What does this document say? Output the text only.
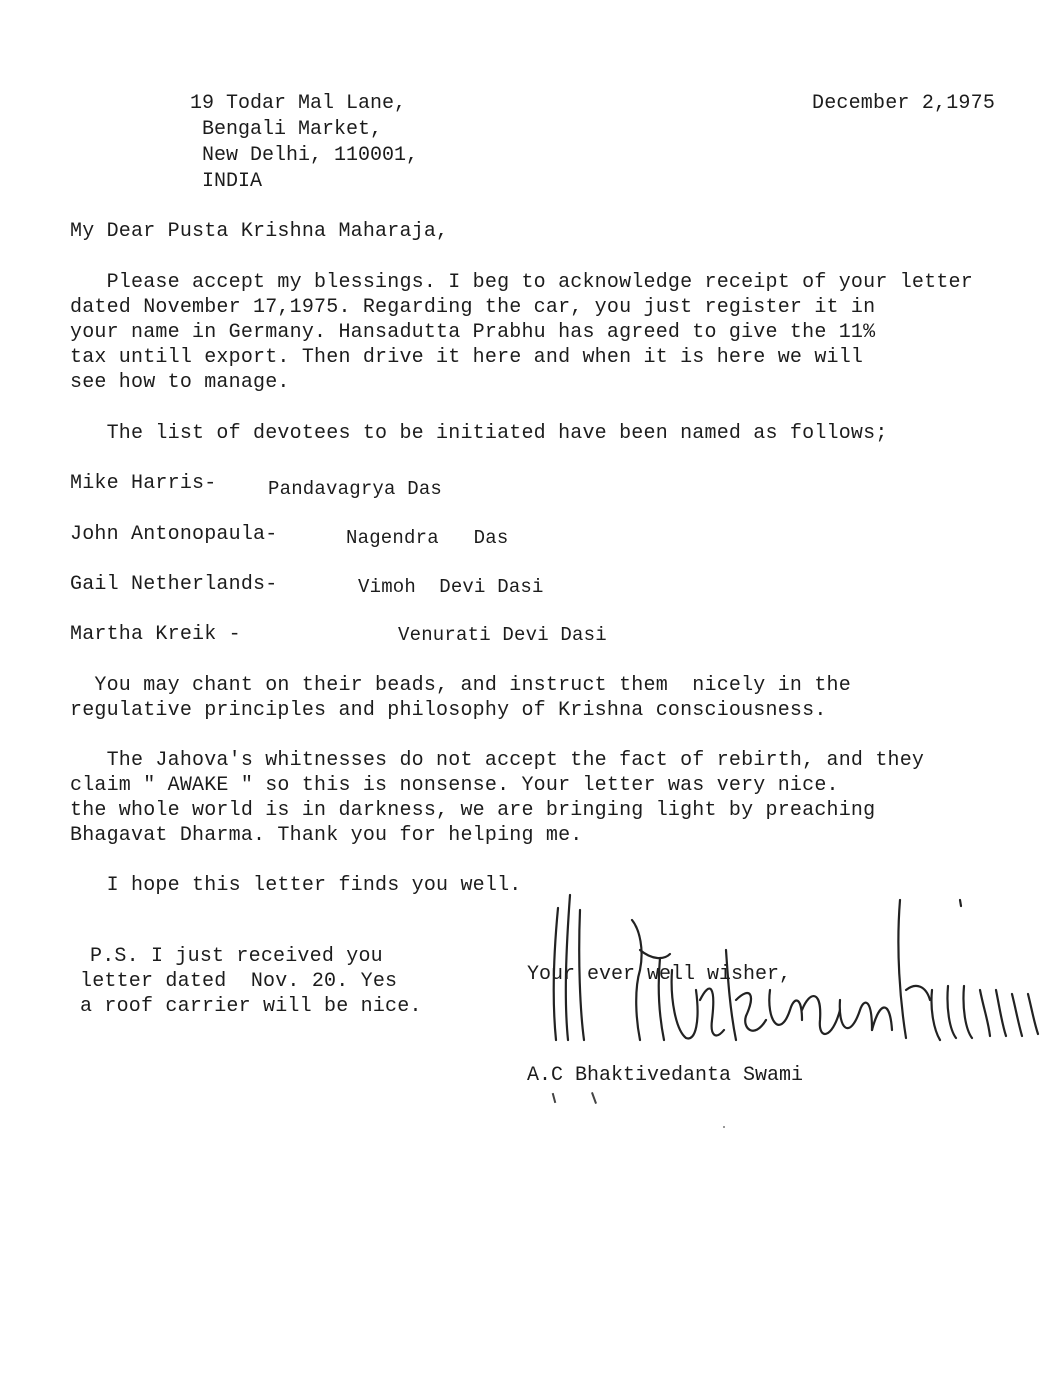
19 Todar Mal Lane,
Bengali Market,
New Delhi, 110001,
INDIA
December 2,1975
My Dear Pusta Krishna Maharaja,
Please accept my blessings. I beg to acknowledge receipt of your letter
dated November 17,1975. Regarding the car, you just register it in
your name in Germany. Hansadutta Prabhu has agreed to give the 11%
tax untill export. Then drive it here and when it is here we will
see how to manage.
The list of devotees to be initiated have been named as follows;
Mike Harris-	Pandavagrya Das
John Antonopaula-	Nagendra   Das
Gail Netherlands-	Vimoh  Devi Dasi
Martha Kreik -	Venurati Devi Dasi
You may chant on their beads, and instruct them  nicely in the
regulative principles and philosophy of Krishna consciousness.
The Jahova's whitnesses do not accept the fact of rebirth, and they
claim " AWAKE " so this is nonsense. Your letter was very nice.
the whole world is in darkness, we are bringing light by preaching
Bhagavat Dharma. Thank you for helping me.
I hope this letter finds you well.
P.S. I just received you
letter dated  Nov. 20. Yes
a roof carrier will be nice.
Your ever well wisher,
A.C Bhaktivedanta Swami
